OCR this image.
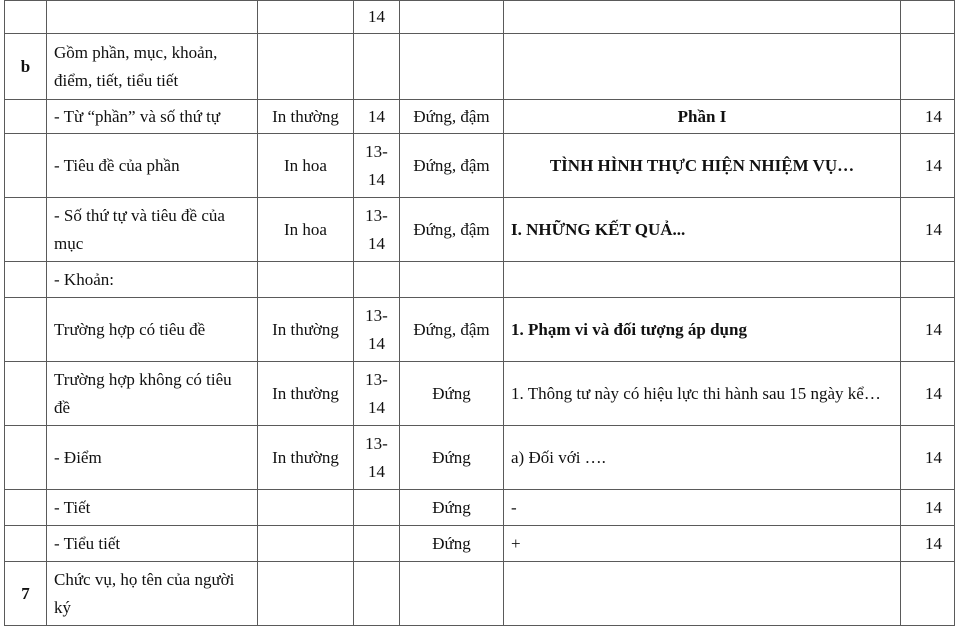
			14			
b	Gồm phần, mục, khoản, điểm, tiết, tiểu tiết					
	- Từ “phần” và số thứ tự	In thường	14	Đứng, đậm	Phần I	14
	- Tiêu đề của phần	In hoa	13-14	Đứng, đậm	TÌNH HÌNH THỰC HIỆN NHIỆM VỤ…	14
	- Số thứ tự và tiêu đề của mục	In hoa	13-14	Đứng, đậm	I. NHỮNG KẾT QUẢ...	14
	- Khoản:					
	Trường hợp có tiêu đề	In thường	13-14	Đứng, đậm	1. Phạm vi và đối tượng áp dụng	14
	Trường hợp không có tiêu đề	In thường	13-14	Đứng	1. Thông tư này có hiệu lực thi hành sau 15 ngày kể…	14
	- Điểm	In thường	13-14	Đứng	a) Đối với ….	14
	- Tiết			Đứng	-	14
	- Tiểu tiết			Đứng	+	14
7	Chức vụ, họ tên của người ký					
